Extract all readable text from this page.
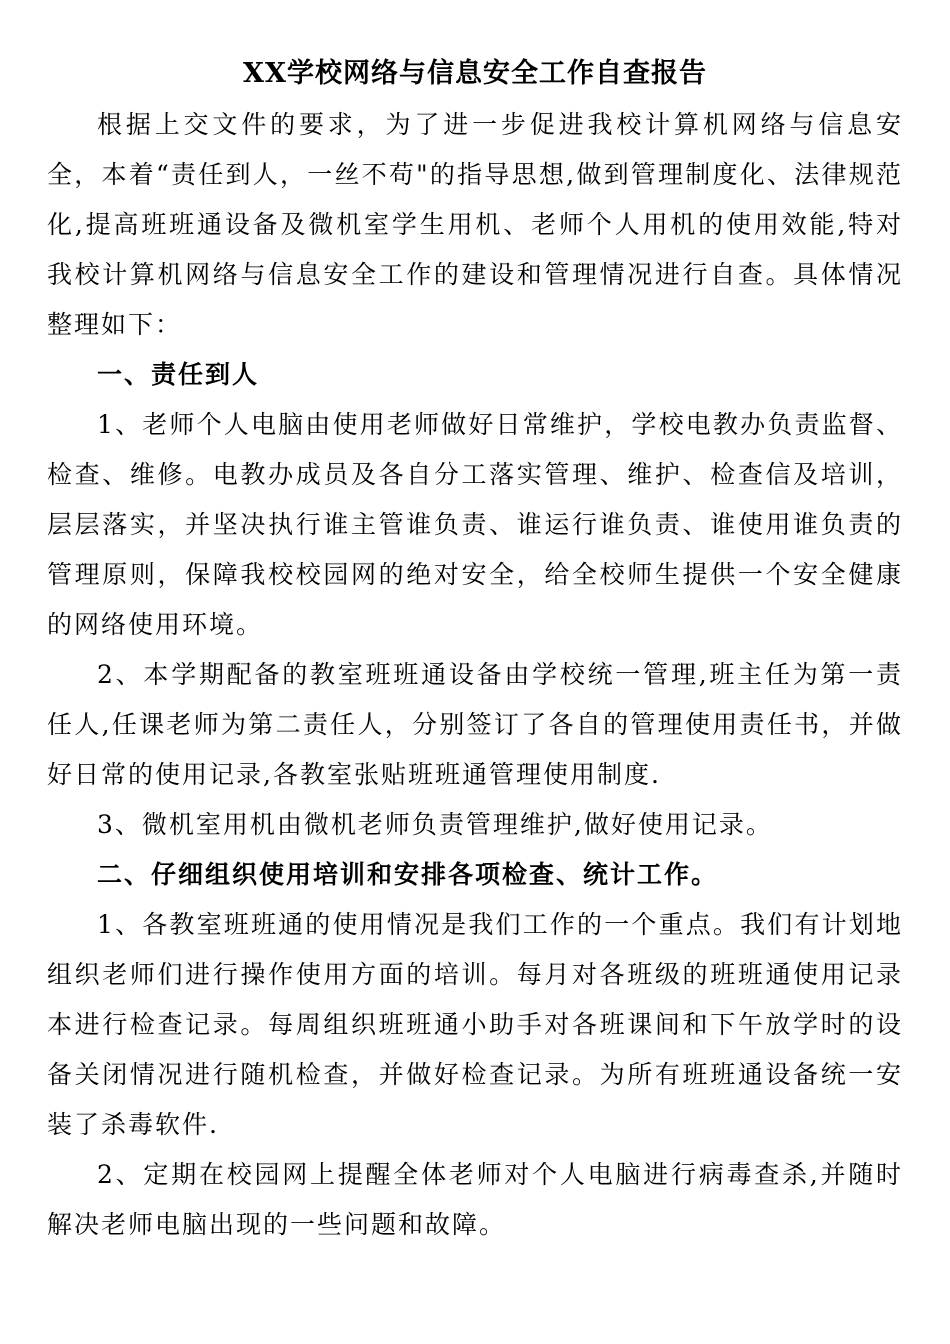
XX学校网络与信息安全工作自查报告

根据上交文件的要求，为了进一步促进我校计算机网络与信息安全，本着“责任到人，一丝不苟"的指导思想,做到管理制度化、法律规范化,提高班班通设备及微机室学生用机、老师个人用机的使用效能,特对我校计算机网络与信息安全工作的建设和管理情况进行自查。具体情况整理如下：

一、责任到人

1、老师个人电脑由使用老师做好日常维护，学校电教办负责监督、检查、维修。电教办成员及各自分工落实管理、维护、检查信及培训，层层落实，并坚决执行谁主管谁负责、谁运行谁负责、谁使用谁负责的管理原则，保障我校校园网的绝对安全，给全校师生提供一个安全健康的网络使用环境。

2、本学期配备的教室班班通设备由学校统一管理,班主任为第一责任人,任课老师为第二责任人，分别签订了各自的管理使用责任书，并做好日常的使用记录,各教室张贴班班通管理使用制度.

3、微机室用机由微机老师负责管理维护,做好使用记录。

二、仔细组织使用培训和安排各项检查、统计工作。

1、各教室班班通的使用情况是我们工作的一个重点。我们有计划地组织老师们进行操作使用方面的培训。每月对各班级的班班通使用记录本进行检查记录。每周组织班班通小助手对各班课间和下午放学时的设备关闭情况进行随机检查，并做好检查记录。为所有班班通设备统一安装了杀毒软件.

2、定期在校园网上提醒全体老师对个人电脑进行病毒查杀,并随时解决老师电脑出现的一些问题和故障。
